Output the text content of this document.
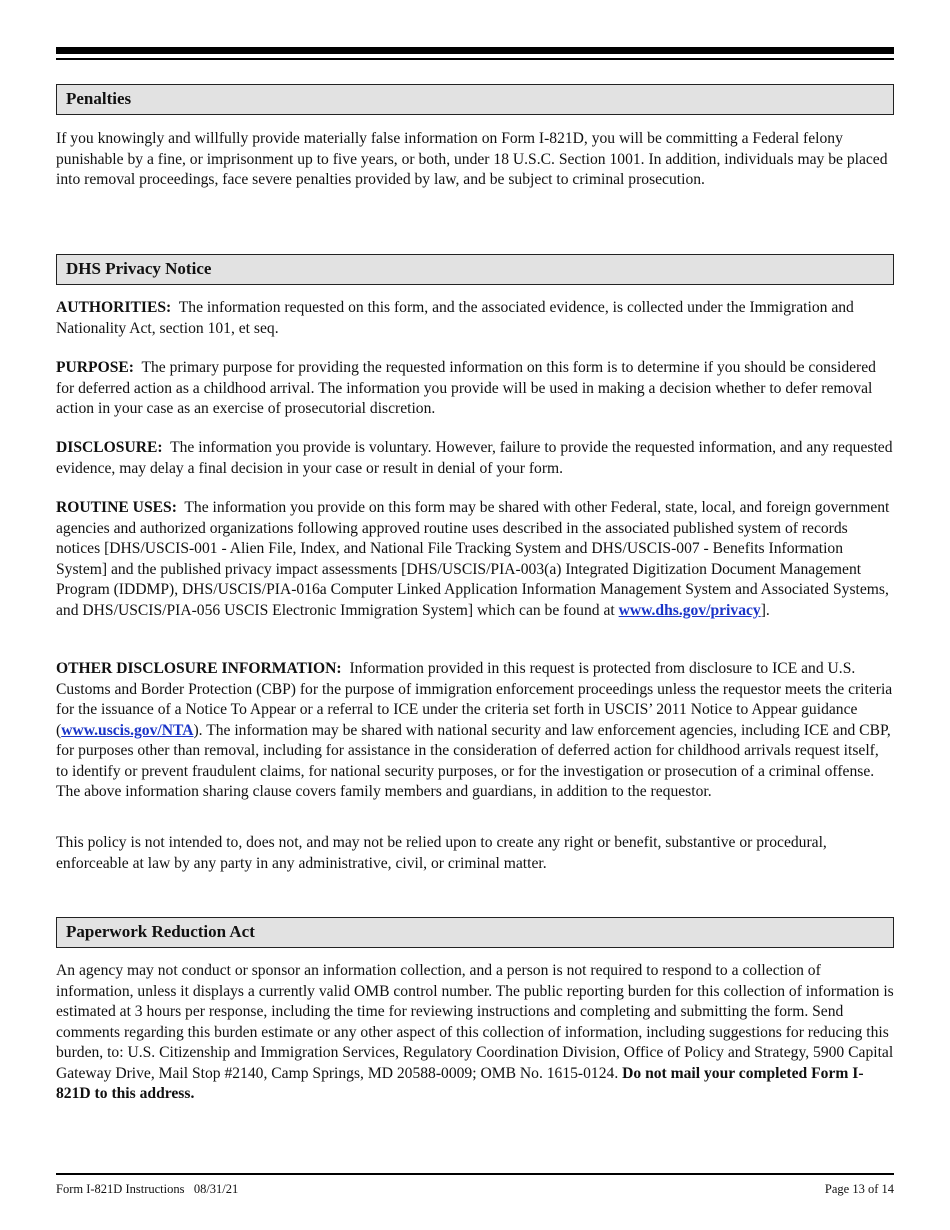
Penalties

If you knowingly and willfully provide materially false information on Form I-821D, you will be committing a Federal felony punishable by a fine, or imprisonment up to five years, or both, under 18 U.S.C. Section 1001. In addition, individuals may be placed into removal proceedings, face severe penalties provided by law, and be subject to criminal prosecution.

DHS Privacy Notice

AUTHORITIES: The information requested on this form, and the associated evidence, is collected under the Immigration and Nationality Act, section 101, et seq.

PURPOSE: The primary purpose for providing the requested information on this form is to determine if you should be considered for deferred action as a childhood arrival. The information you provide will be used in making a decision whether to defer removal action in your case as an exercise of prosecutorial discretion.

DISCLOSURE: The information you provide is voluntary. However, failure to provide the requested information, and any requested evidence, may delay a final decision in your case or result in denial of your form.

ROUTINE USES: The information you provide on this form may be shared with other Federal, state, local, and foreign government agencies and authorized organizations following approved routine uses described in the associated published system of records notices [DHS/USCIS-001 - Alien File, Index, and National File Tracking System and DHS/USCIS-007 - Benefits Information System] and the published privacy impact assessments [DHS/USCIS/PIA-003(a) Integrated Digitization Document Management Program (IDDMP), DHS/USCIS/PIA-016a Computer Linked Application Information Management System and Associated Systems, and DHS/USCIS/PIA-056 USCIS Electronic Immigration System] which can be found at www.dhs.gov/privacy].

OTHER DISCLOSURE INFORMATION: Information provided in this request is protected from disclosure to ICE and U.S. Customs and Border Protection (CBP) for the purpose of immigration enforcement proceedings unless the requestor meets the criteria for the issuance of a Notice To Appear or a referral to ICE under the criteria set forth in USCIS’ 2011 Notice to Appear guidance (www.uscis.gov/NTA). The information may be shared with national security and law enforcement agencies, including ICE and CBP, for purposes other than removal, including for assistance in the consideration of deferred action for childhood arrivals request itself, to identify or prevent fraudulent claims, for national security purposes, or for the investigation or prosecution of a criminal offense. The above information sharing clause covers family members and guardians, in addition to the requestor.

This policy is not intended to, does not, and may not be relied upon to create any right or benefit, substantive or procedural, enforceable at law by any party in any administrative, civil, or criminal matter.

Paperwork Reduction Act

An agency may not conduct or sponsor an information collection, and a person is not required to respond to a collection of information, unless it displays a currently valid OMB control number. The public reporting burden for this collection of information is estimated at 3 hours per response, including the time for reviewing instructions and completing and submitting the form. Send comments regarding this burden estimate or any other aspect of this collection of information, including suggestions for reducing this burden, to: U.S. Citizenship and Immigration Services, Regulatory Coordination Division, Office of Policy and Strategy, 5900 Capital Gateway Drive, Mail Stop #2140, Camp Springs, MD 20588-0009; OMB No. 1615-0124. Do not mail your completed Form I-821D to this address.

Form I-821D Instructions   08/31/21	Page 13 of 14
